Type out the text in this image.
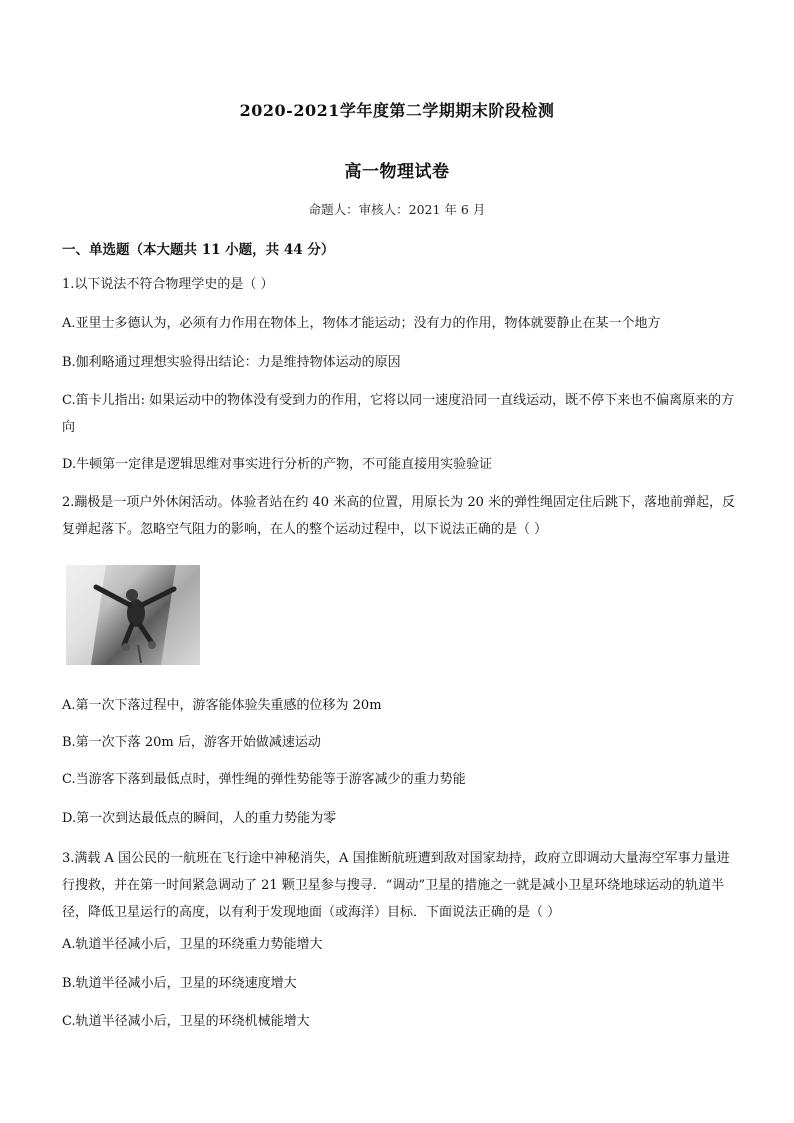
2020-2021学年度第二学期期末阶段检测
高一物理试卷
命题人：审核人：2021 年 6 月
一、单选题（本大题共 11 小题，共 44 分）
1.以下说法不符合物理学史的是（ ）
A.亚里士多德认为，必须有力作用在物体上，物体才能运动；没有力的作用，物体就要静止在某一个地方
B.伽利略通过理想实验得出结论：力是维持物体运动的原因
C.笛卡儿指出: 如果运动中的物体没有受到力的作用，它将以同一速度沿同一直线运动，既不停下来也不偏离原来的方向
D.牛顿第一定律是逻辑思维对事实进行分析的产物，不可能直接用实验验证
2.蹦极是一项户外休闲活动。体验者站在约 40 米高的位置，用原长为 20 米的弹性绳固定住后跳下，落地前弹起，反复弹起落下。忽略空气阻力的影响，在人的整个运动过程中，以下说法正确的是（ ）
A.第一次下落过程中，游客能体验失重感的位移为 20m
B.第一次下落 20m 后，游客开始做减速运动
C.当游客下落到最低点时，弹性绳的弹性势能等于游客减少的重力势能
D.第一次到达最低点的瞬间，人的重力势能为零
3.满载 A 国公民的一航班在飞行途中神秘消失，A 国推断航班遭到敌对国家劫持，政府立即调动大量海空军事力量进行搜救，并在第一时间紧急调动了 21 颗卫星参与搜寻．“调动”卫星的措施之一就是减小卫星环绕地球运动的轨道半径，降低卫星运行的高度，以有利于发现地面（或海洋）目标．下面说法正确的是（ ）
A.轨道半径减小后，卫星的环绕重力势能增大
B.轨道半径减小后，卫星的环绕速度增大
C.轨道半径减小后，卫星的环绕机械能增大
